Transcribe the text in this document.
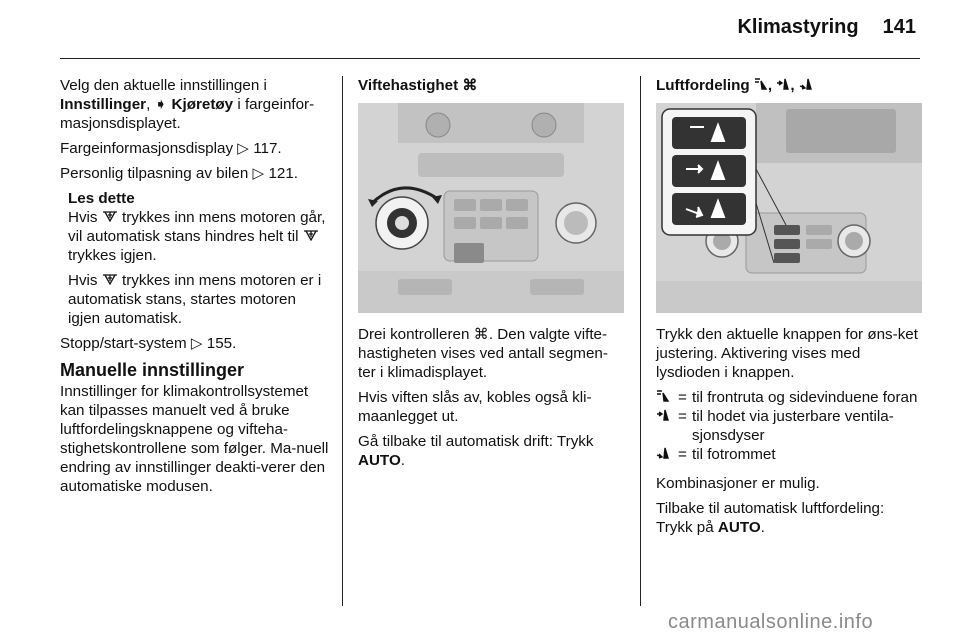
Klimastyring 141

Velg den aktuelle innstillingen i Innstillinger, ➧ Kjøretøy i fargeinfor-masjonsdisplayet.

Fargeinformasjonsdisplay ▷ 117.

Personlig tilpasning av bilen ▷ 121.

Les dette

Hvis trykkes inn mens motoren går, vil automatisk stans hindres helt til  trykkes igjen.

Hvis trykkes inn mens motoren er i automatisk stans, startes motoren igjen automatisk.

Stopp/start-system ▷ 155.

Manuelle innstillinger

Innstillinger for klimakontrollsystemet kan tilpasses manuelt ved å bruke luftfordelingsknappene og vifteha-stighetskontrollene som følger. Ma-nuell endring av innstillinger deakti-verer den automatiske modusen.

Viftehastighet ⌘

Drei kontrolleren ⌘. Den valgte vifte-hastigheten vises ved antall segmen-ter i klimadisplayet.

Hvis viften slås av, kobles også kli-maanlegget ut.

Gå tilbake til automatisk drift: Trykk AUTO.

Luftfordeling , ,

Trykk den aktuelle knappen for øns-ket justering. Aktivering vises med lysdioden i knappen.

= til frontruta og sidevinduene foran
= til hodet via justerbare ventila-sjonsdyser
= til fotrommet

Kombinasjoner er mulig.

Tilbake til automatisk luftfordeling:

Trykk på AUTO.

carmanualsonline.info
